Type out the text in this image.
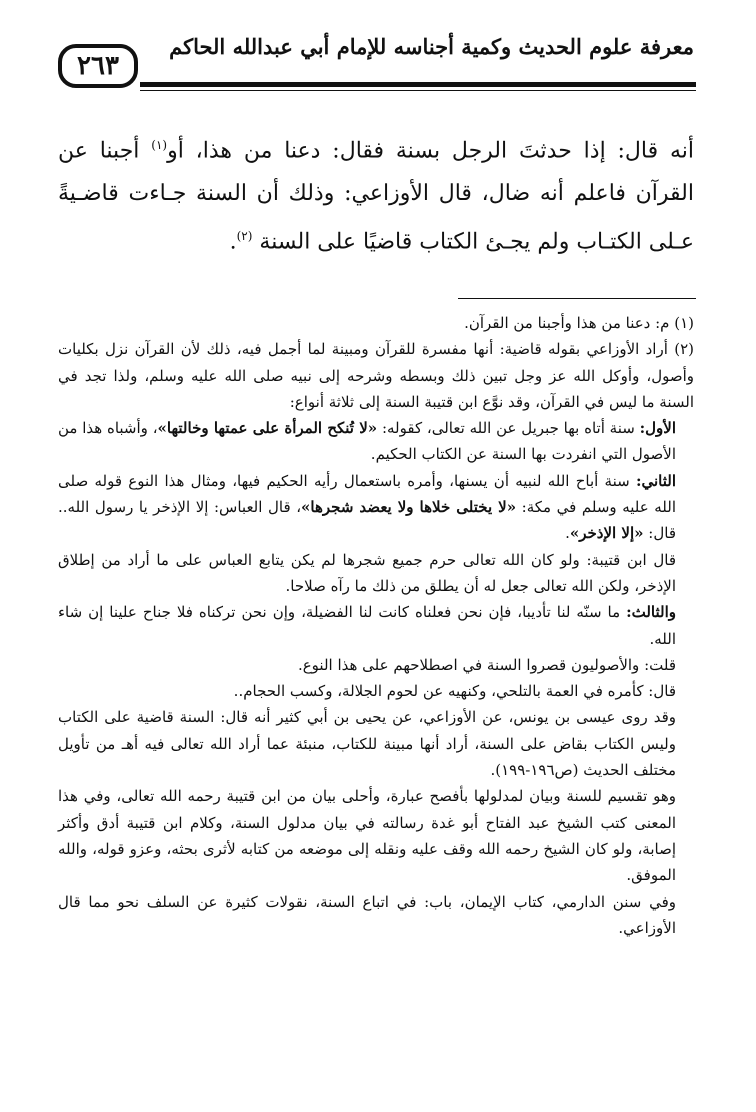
معرفة علوم الحديث وكمية أجناسه للإمام أبي عبدالله الحاكم
٢٦٣

أنه قال: إذا حدثتَ الرجل بسنة فقال: دعنا من هذا، أو$^{(١)}$ أجبنا عن القرآن فاعلم أنه ضال، قال الأوزاعي: وذلك أن السنة جـاءت قاضـيةً عـلى الكتـاب ولم يجـئ الكتاب قاضيًا على السنة $^{(٢)}$.

(١) م: دعنا من هذا وأجبنا من القرآن.

(٢) أراد الأوزاعي بقوله قاضية: أنها مفسرة للقرآن ومبينة لما أجمل فيه، ذلك لأن القرآن نزل بكليات وأصول، وأوكل الله عز وجل تبين ذلك وبسطه وشرحه إلى نبيه صلى الله عليه وسلم، ولذا تجد في السنة ما ليس في القرآن، وقد نوَّع ابن قتيبة السنة إلى ثلاثة أنواع:

الأول: سنة أتاه بها جبريل عن الله تعالى، كقوله: «لا تُنكح المرأة على عمتها وخالتها»، وأشباه هذا من الأصول التي انفردت بها السنة عن الكتاب الحكيم.

الثاني: سنة أباح الله لنبيه أن يسنها، وأمره باستعمال رأيه الحكيم فيها، ومثال هذا النوع قوله صلى الله عليه وسلم في مكة: «لا يختلى خلاها ولا يعضد شجرها»، قال العباس: إلا الإذخر يا رسول الله.. قال: «إلا الإذخر».

قال ابن قتيبة: ولو كان الله تعالى حرم جميع شجرها لم يكن يتابع العباس على ما أراد من إطلاق الإذخر، ولكن الله تعالى جعل له أن يطلق من ذلك ما رآه صلاحا.

والثالث: ما سنّه لنا تأديبا، فإن نحن فعلناه كانت لنا الفضيلة، وإن نحن تركناه فلا جناح علينا إن شاء الله.

قلت: والأصوليون قصروا السنة في اصطلاحهم على هذا النوع.

قال: كأمره في العمة بالتلحي، وكنهيه عن لحوم الجلالة، وكسب الحجام..

وقد روى عيسى بن يونس، عن الأوزاعي، عن يحيى بن أبي كثير أنه قال: السنة قاضية على الكتاب وليس الكتاب بقاض على السنة، أراد أنها مبينة للكتاب، منبئة عما أراد الله تعالى فيه أهـ من تأويل مختلف الحديث (ص١٩٦-١٩٩).

وهو تقسيم للسنة وبيان لمدلولها بأفصح عبارة، وأحلى بيان من ابن قتيبة رحمه الله تعالى، وفي هذا المعنى كتب الشيخ عبد الفتاح أبو غدة رسالته في بيان مدلول السنة، وكلام ابن قتيبة أدق وأكثر إصابة، ولو كان الشيخ رحمه الله وقف عليه ونقله إلى موضعه من كتابه لأثرى بحثه، وعزو قوله، والله الموفق.

وفي سنن الدارمي، كتاب الإيمان، باب: في اتباع السنة، نقولات كثيرة عن السلف نحو مما قال الأوزاعي.
